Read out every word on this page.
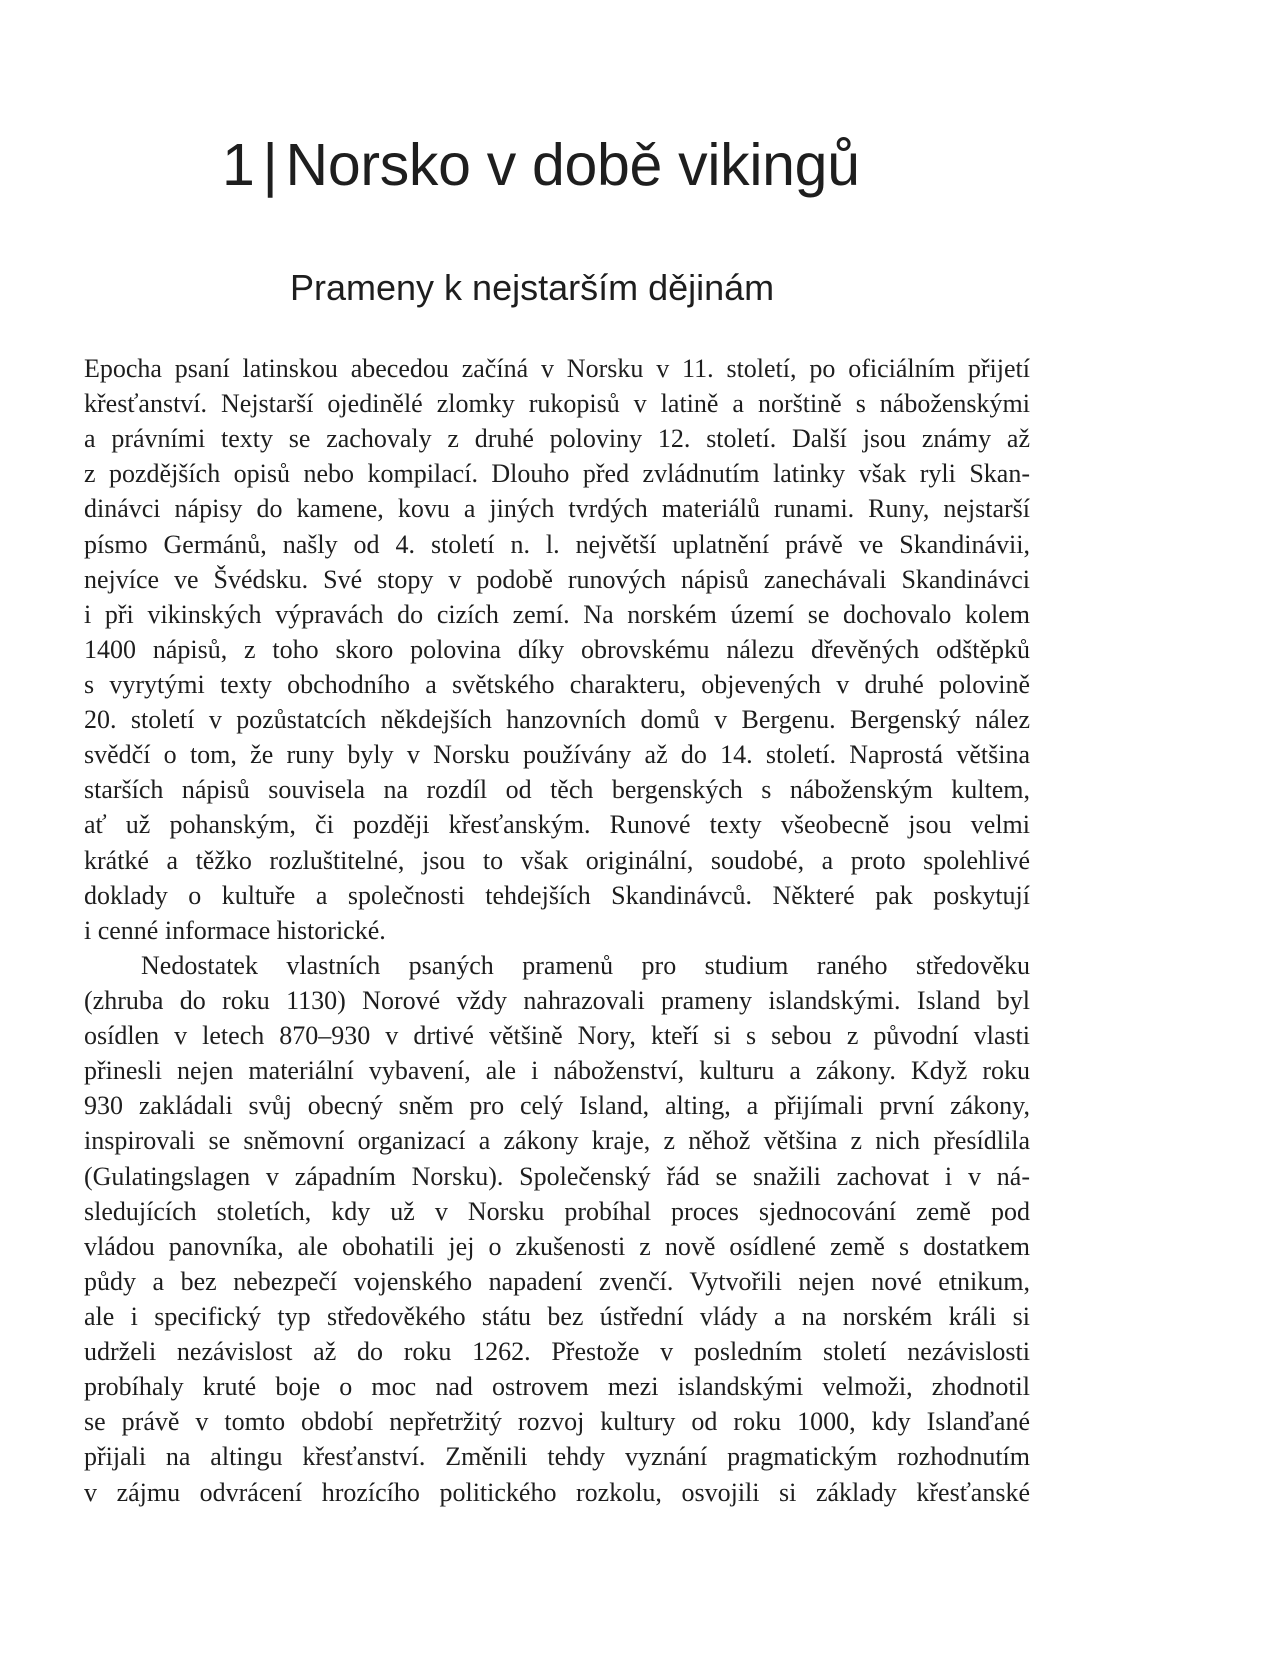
1 | Norsko v době vikingů
Prameny k nejstarším dějinám
Epocha psaní latinskou abecedou začíná v Norsku v 11. století, po oficiálním přijetí
křesťanství. Nejstarší ojedinělé zlomky rukopisů v latině a norštině s náboženskými
a právními texty se zachovaly z druhé poloviny 12. století. Další jsou známy až
z pozdějších opisů nebo kompilací. Dlouho před zvládnutím latinky však ryli Skan-
dinávci nápisy do kamene, kovu a jiných tvrdých materiálů runami. Runy, nejstarší
písmo Germánů, našly od 4. století n. l. největší uplatnění právě ve Skandinávii,
nejvíce ve Švédsku. Své stopy v podobě runových nápisů zanechávali Skandinávci
i při vikinských výpravách do cizích zemí. Na norském území se dochovalo kolem
1400 nápisů, z toho skoro polovina díky obrovskému nálezu dřevěných odštěpků
s vyrytými texty obchodního a světského charakteru, objevených v druhé polovině
20. století v pozůstatcích někdejších hanzovních domů v Bergenu. Bergenský nález
svědčí o tom, že runy byly v Norsku používány až do 14. století. Naprostá většina
starších nápisů souvisela na rozdíl od těch bergenských s náboženským kultem,
ať už pohanským, či později křesťanským. Runové texty všeobecně jsou velmi
krátké a těžko rozluštitelné, jsou to však originální, soudobé, a proto spolehlivé
doklady o kultuře a společnosti tehdejších Skandinávců. Některé pak poskytují
i cenné informace historické.
Nedostatek vlastních psaných pramenů pro studium raného středověku
(zhruba do roku 1130) Norové vždy nahrazovali prameny islandskými. Island byl
osídlen v letech 870–930 v drtivé většině Nory, kteří si s sebou z původní vlasti
přinesli nejen materiální vybavení, ale i náboženství, kulturu a zákony. Když roku
930 zakládali svůj obecný sněm pro celý Island, alting, a přijímali první zákony,
inspirovali se sněmovní organizací a zákony kraje, z něhož většina z nich přesídlila
(Gulatingslagen v západním Norsku). Společenský řád se snažili zachovat i v ná-
sledujících stoletích, kdy už v Norsku probíhal proces sjednocování země pod
vládou panovníka, ale obohatili jej o zkušenosti z nově osídlené země s dostatkem
půdy a bez nebezpečí vojenského napadení zvenčí. Vytvořili nejen nové etnikum,
ale i specifický typ středověkého státu bez ústřední vlády a na norském králi si
udrželi nezávislost až do roku 1262. Přestože v posledním století nezávislosti
probíhaly kruté boje o moc nad ostrovem mezi islandskými velmoži, zhodnotil
se právě v tomto období nepřetržitý rozvoj kultury od roku 1000, kdy Islanďané
přijali na altingu křesťanství. Změnili tehdy vyznání pragmatickým rozhodnutím
v zájmu odvrácení hrozícího politického rozkolu, osvojili si základy křesťanské
